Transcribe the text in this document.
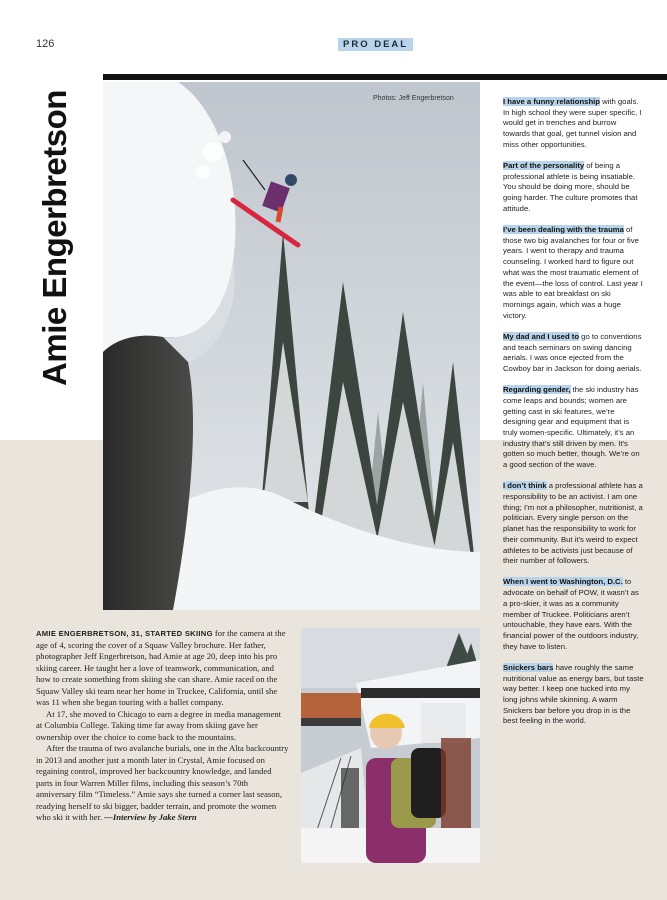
126	PRO DEAL
Amie Engerbretson	Photos: Jeff Engerbretson	I have a funny relationship with goals. In high school they were super specific, I would get in trenches and burrow towards that goal, get tunnel vision and miss other opportunities.

Part of the personality of being a professional athlete is being insatiable. You should be doing more, should be going harder. The culture promotes that attitude.

I’ve been dealing with the trauma of those two big avalanches for four or five years. I went to therapy and trauma counseling. I worked hard to figure out what was the most traumatic element of the event—the loss of control. Last year I was able to eat breakfast on ski mornings again, which was a huge victory.

My dad and I used to go to conventions and teach seminars on swing dancing aerials. I was once ejected from the Cowboy bar in Jackson for doing aerials.

Regarding gender, the ski industry has come leaps and bounds; women are getting cast in ski features, we’re designing gear and equipment that is truly women-specific. Ultimately, it’s an industry that’s still driven by men. It’s gotten so much better, though. We’re on a good section of the wave.

I don’t think a professional athlete has a responsibility to be an activist. I am one thing; I’m not a philosopher, nutritionist, a politician. Every single person on the planet has the responsibility to work for their community. But it’s weird to expect athletes to be activists just because of their number of followers.

When I went to Washington, D.C. to advocate on behalf of POW, it wasn’t as a pro-skier, it was as a community member of Truckee. Politicians aren’t untouchable, they have ears. With the financial power of the outdoors industry, they have to listen.

Snickers bars have roughly the same nutritional value as energy bars, but taste way better. I keep one tucked into my long johns while skinning. A warm Snickers bar before you drop in is the best feeling in the world.

AMIE ENGERBRETSON, 31, STARTED SKIING for the camera at the age of 4, scoring the cover of a Squaw Valley brochure. Her father, photographer Jeff Engerbretson, had Amie at age 20, deep into his pro skiing career. He taught her a love of teamwork, communication, and how to create something from skiing she can share. Amie raced on the Squaw Valley ski team near her home in Truckee, California, until she was 11 when she began touring with a ballet company.

At 17, she moved to Chicago to earn a degree in media management at Columbia College. Taking time far away from skiing gave her ownership over the choice to come back to the mountains.

After the trauma of two avalanche burials, one in the Alta backcountry in 2013 and another just a month later in Crystal, Amie focused on regaining control, improved her backcountry knowledge, and landed parts in four Warren Miller films, including this season’s 70th anniversary film “Timeless.” Amie says she turned a corner last season, readying herself to ski bigger, badder terrain, and promote the women who ski it with her. —Interview by Jake Stern
